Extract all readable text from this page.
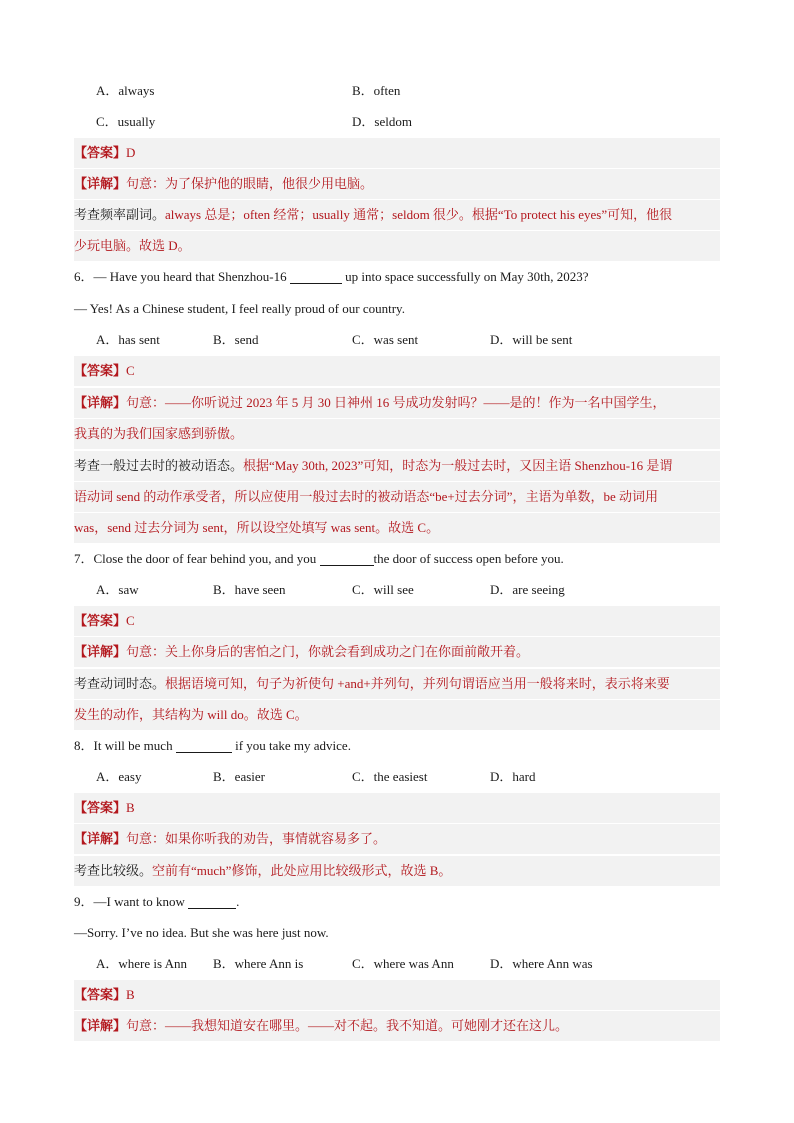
A．always	B．often
C．usually	D．seldom
【答案】D
【详解】句意：为了保护他的眼睛，他很少用电脑。
考查频率副词。always 总是；often 经常；usually 通常；seldom 很少。根据“To protect his eyes”可知，他很
少玩电脑。故选 D。
6．— Have you heard that Shenzhou-16	up into space successfully on May 30th, 2023?
— Yes! As a Chinese student, I feel really proud of our country.
A．has sent	B．send	C．was sent	D．will be sent
【答案】C
【详解】句意：——你听说过 2023 年 5 月 30 日神州 16 号成功发射吗？——是的！作为一名中国学生，
我真的为我们国家感到骄傲。
考查一般过去时的被动语态。根据“May 30th, 2023”可知，时态为一般过去时，又因主语 Shenzhou-16 是谓
语动词 send 的动作承受者，所以应使用一般过去时的被动语态“be+过去分词”，主语为单数，be 动词用
was，send 过去分词为 sent，所以设空处填写 was sent。故选 C。
7．Close the door of fear behind you, and you	the door of success open before you.
A．saw	B．have seen	C．will see	D．are seeing
【答案】C
【详解】句意：关上你身后的害怕之门，你就会看到成功之门在你面前敞开着。
考查动词时态。根据语境可知，句子为祈使句 +and+并列句，并列句谓语应当用一般将来时，表示将来要
发生的动作，其结构为 will do。故选 C。
8．It will be much	if you take my advice.
A．easy	B．easier	C．the easiest	D．hard
【答案】B
【详解】句意：如果你听我的劝告，事情就容易多了。
考查比较级。空前有“much”修饰，此处应用比较级形式，故选 B。
9．—I want to know	.
—Sorry. I’ve no idea. But she was here just now.
A．where is Ann B．where Ann is	C．where was Ann	D．where Ann was
【答案】B
【详解】句意：——我想知道安在哪里。——对不起。我不知道。可她刚才还在这儿。
